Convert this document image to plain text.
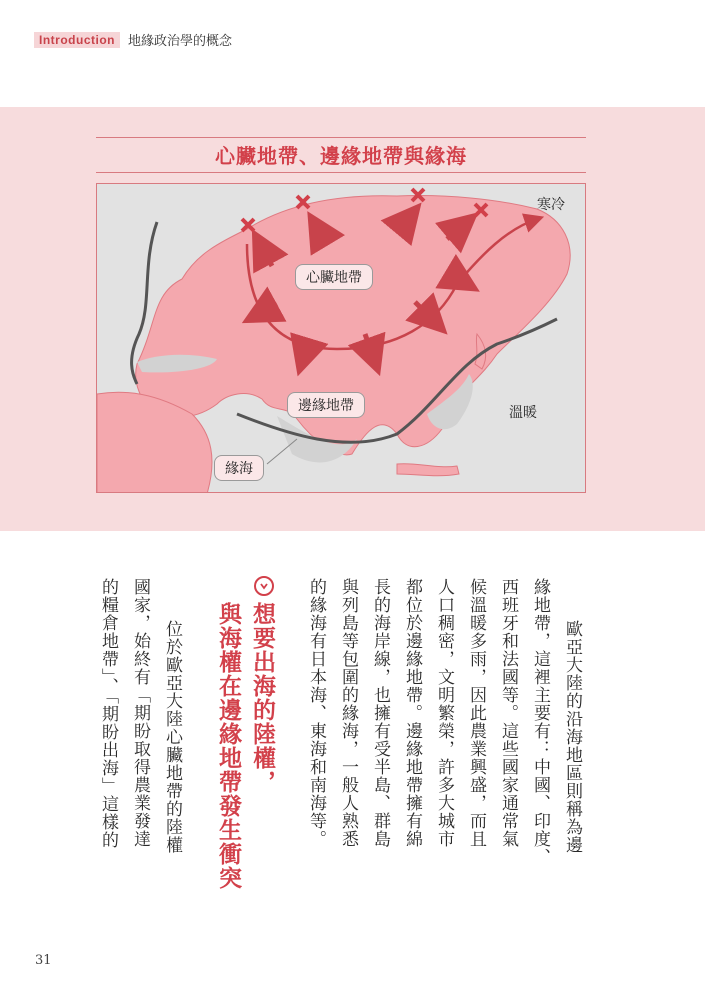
Introduction	地緣政治學的概念
心臟地帶、邊緣地帶與緣海
心臟地帶
邊緣地帶
緣海
寒冷
溫暖
歐亞大陸的沿海地區則稱為邊
緣地帶，這裡主要有：中國、印度、
西班牙和法國等。這些國家通常氣
候溫暖多雨，因此農業興盛，而且
人口稠密，文明繁榮，許多大城市
都位於邊緣地帶。邊緣地帶擁有綿
長的海岸線，也擁有受半島、群島
與列島等包圍的緣海，一般人熟悉
的緣海有日本海、東海和南海等。
想要出海的陸權，
與海權在邊緣地帶發生衝突
位於歐亞大陸心臟地帶的陸權
國家，始終有「期盼取得農業發達
的糧倉地帶」、「期盼出海」這樣的
31
